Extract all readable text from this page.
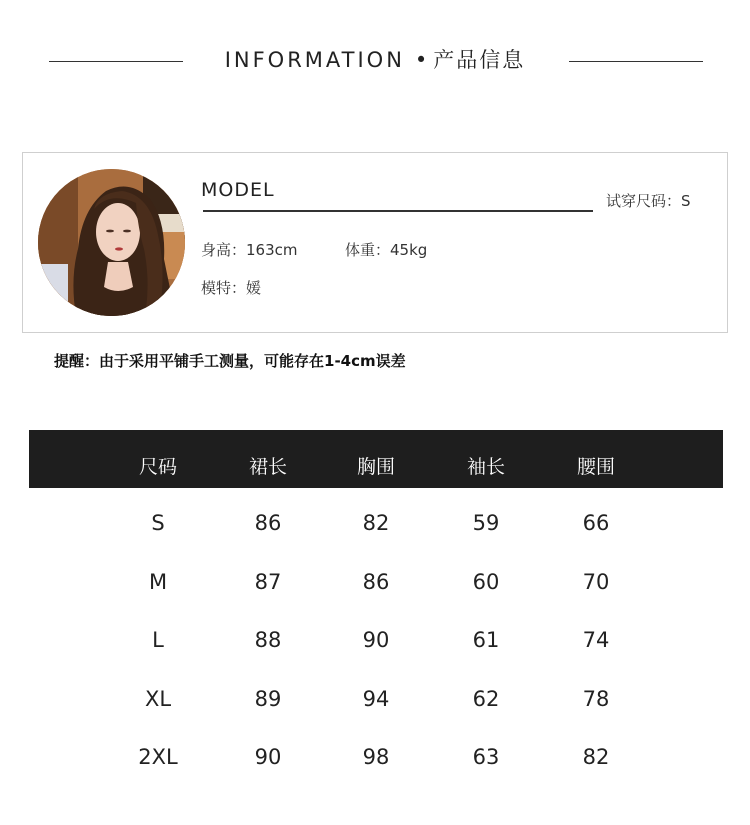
INFORMATION • 产品信息
MODEL	试穿尺码：S
身高：163cm	体重：45kg
模特：媛
提醒：由于采用平铺手工测量，可能存在1-4cm误差
尺码	裙长	胸围	袖长	腰围
S	86	82	59	66
M	87	86	60	70
L	88	90	61	74
XL	89	94	62	78
2XL	90	98	63	82
